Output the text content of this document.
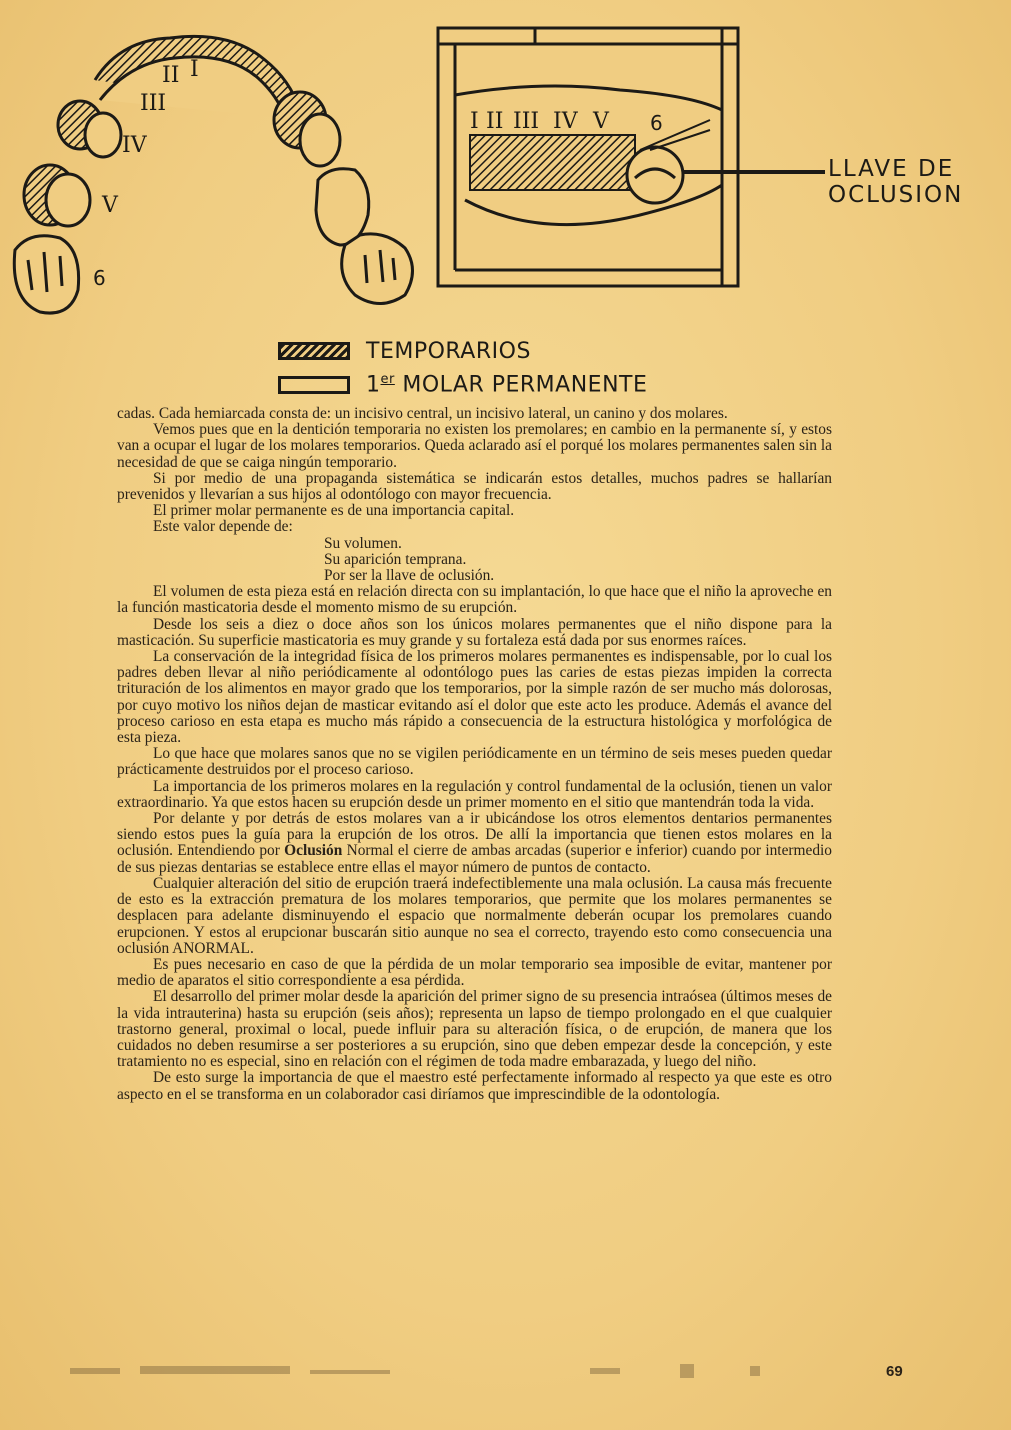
II I
III
IV
V
6
I II III IV V 6
LLAVE DE
OCLUSION
TEMPORARIOS
1er MOLAR PERMANENTE

cadas. Cada hemiarcada consta de: un incisivo central, un incisivo lateral, un canino y dos molares.

Vemos pues que en la dentición temporaria no existen los premolares; en cambio en la permanente sí, y estos van a ocupar el lugar de los molares temporarios. Queda aclarado así el porqué los molares permanentes salen sin la necesidad de que se caiga ningún temporario.

Si por medio de una propaganda sistemática se indicarán estos detalles, muchos padres se hallarían prevenidos y llevarían a sus hijos al odontólogo con mayor frecuencia.

El primer molar permanente es de una importancia capital.

Este valor depende de:

Su volumen.

Su aparición temprana.

Por ser la llave de oclusión.

El volumen de esta pieza está en relación directa con su implantación, lo que hace que el niño la aproveche en la función masticatoria desde el momento mismo de su erupción.

Desde los seis a diez o doce años son los únicos molares permanentes que el niño dispone para la masticación. Su superficie masticatoria es muy grande y su fortaleza está dada por sus enormes raíces.

La conservación de la integridad física de los primeros molares permanentes es indispensable, por lo cual los padres deben llevar al niño periódicamente al odontólogo pues las caries de estas piezas impiden la correcta trituración de los alimentos en mayor grado que los temporarios, por la simple razón de ser mucho más dolorosas, por cuyo motivo los niños dejan de masticar evitando así el dolor que este acto les produce. Además el avance del proceso carioso en esta etapa es mucho más rápido a consecuencia de la estructura histológica y morfológica de esta pieza.

Lo que hace que molares sanos que no se vigilen periódicamente en un término de seis meses pueden quedar prácticamente destruidos por el proceso carioso.

La importancia de los primeros molares en la regulación y control fundamental de la oclusión, tienen un valor extraordinario. Ya que estos hacen su erupción desde un primer momento en el sitio que mantendrán toda la vida.

Por delante y por detrás de estos molares van a ir ubicándose los otros elementos dentarios permanentes siendo estos pues la guía para la erupción de los otros. De allí la importancia que tienen estos molares en la oclusión. Entendiendo por Oclusión Normal el cierre de ambas arcadas (superior e inferior) cuando por intermedio de sus piezas dentarias se establece entre ellas el mayor número de puntos de contacto.

Cualquier alteración del sitio de erupción traerá indefectiblemente una mala oclusión. La causa más frecuente de esto es la extracción prematura de los molares temporarios, que permite que los molares permanentes se desplacen para adelante disminuyendo el espacio que normalmente deberán ocupar los premolares cuando erupcionen. Y estos al erupcionar buscarán sitio aunque no sea el correcto, trayendo esto como consecuencia una oclusión ANORMAL.

Es pues necesario en caso de que la pérdida de un molar temporario sea imposible de evitar, mantener por medio de aparatos el sitio correspondiente a esa pérdida.

El desarrollo del primer molar desde la aparición del primer signo de su presencia intraósea (últimos meses de la vida intrauterina) hasta su erupción (seis años); representa un lapso de tiempo prolongado en el que cualquier trastorno general, proximal o local, puede influir para su alteración física, o de erupción, de manera que los cuidados no deben resumirse a ser posteriores a su erupción, sino que deben empezar desde la concepción, y este tratamiento no es especial, sino en relación con el régimen de toda madre embarazada, y luego del niño.

De esto surge la importancia de que el maestro esté perfectamente informado al respecto ya que este es otro aspecto en el se transforma en un colaborador casi diríamos que imprescindible de la odontología.

69
